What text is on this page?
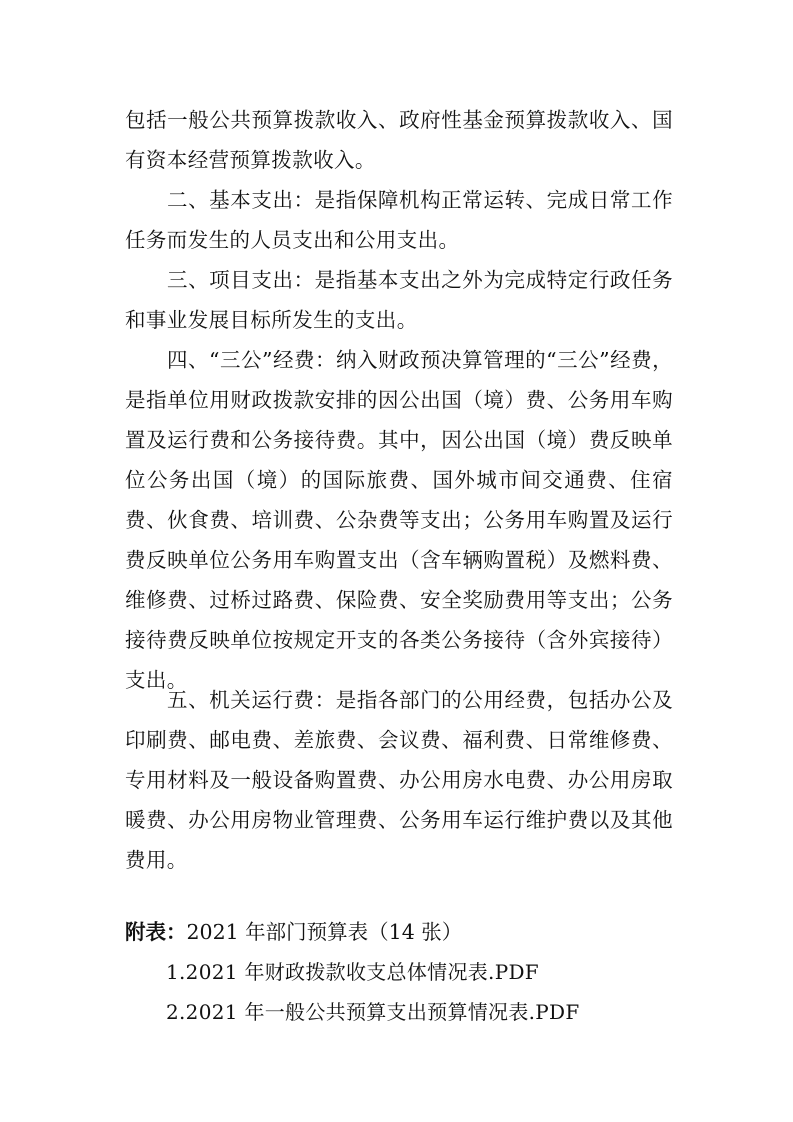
包括一般公共预算拨款收入、政府性基金预算拨款收入、国有资本经营预算拨款收入。

二、基本支出：是指保障机构正常运转、完成日常工作任务而发生的人员支出和公用支出。

三、项目支出：是指基本支出之外为完成特定行政任务和事业发展目标所发生的支出。

四、“三公”经费：纳入财政预决算管理的“三公”经费，是指单位用财政拨款安排的因公出国（境）费、公务用车购置及运行费和公务接待费。其中，因公出国（境）费反映单位公务出国（境）的国际旅费、国外城市间交通费、住宿费、伙食费、培训费、公杂费等支出；公务用车购置及运行费反映单位公务用车购置支出（含车辆购置税）及燃料费、维修费、过桥过路费、保险费、安全奖励费用等支出；公务接待费反映单位按规定开支的各类公务接待（含外宾接待）支出。

五、机关运行费：是指各部门的公用经费，包括办公及印刷费、邮电费、差旅费、会议费、福利费、日常维修费、专用材料及一般设备购置费、办公用房水电费、办公用房取暖费、办公用房物业管理费、公务用车运行维护费以及其他费用。

附表：2021 年部门预算表（14 张）

1.2021 年财政拨款收支总体情况表.PDF

2.2021 年一般公共预算支出预算情况表.PDF
